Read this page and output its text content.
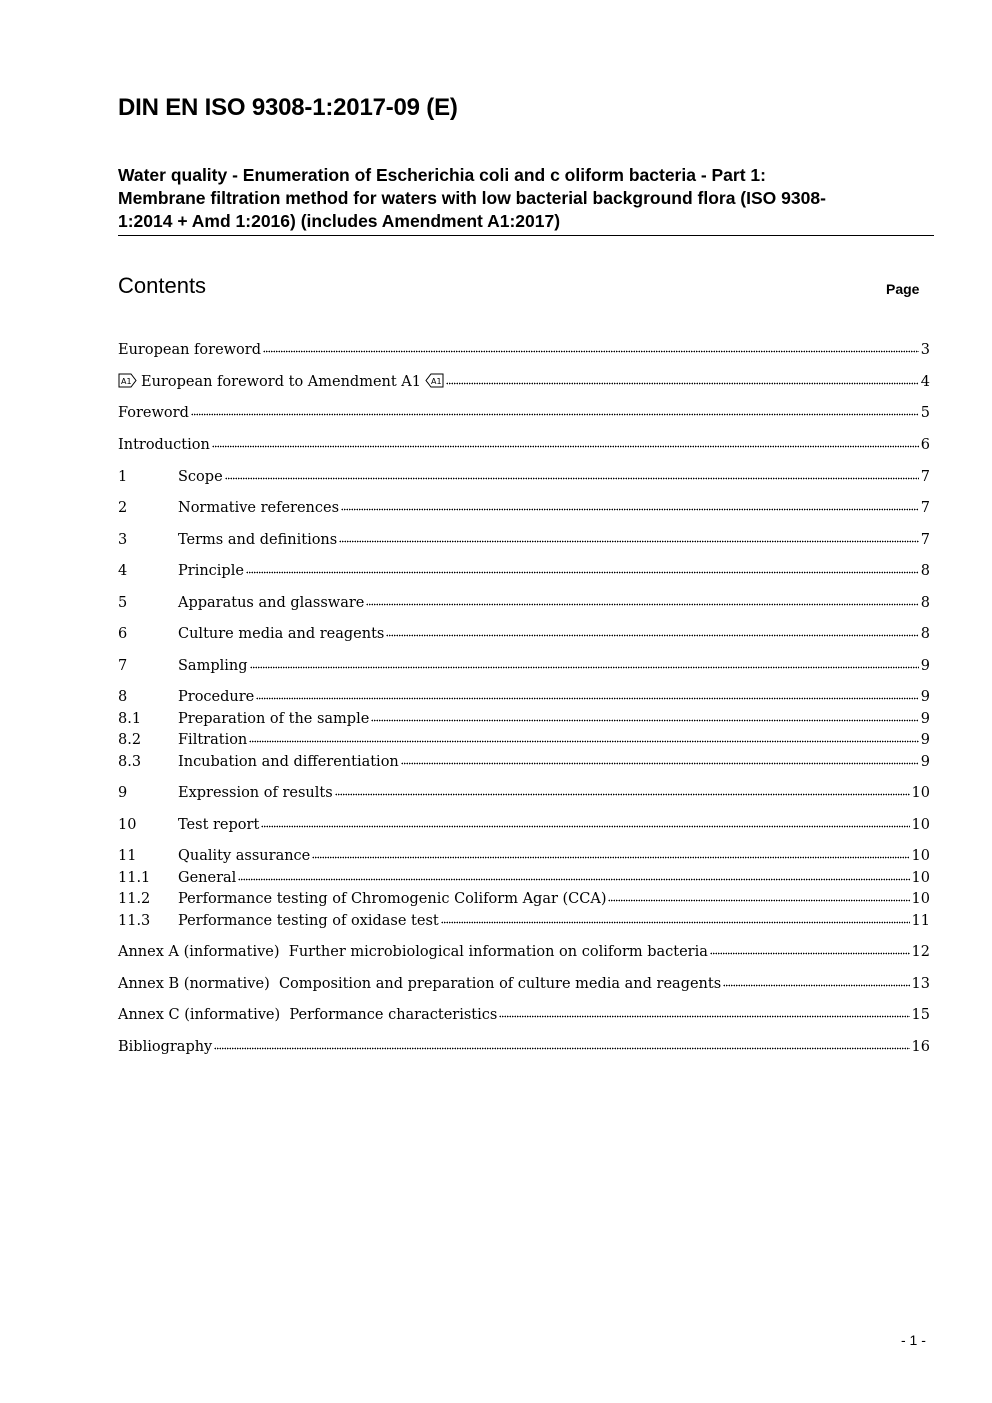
DIN EN ISO 9308-1:2017-09 (E)
Water quality - Enumeration of Escherichia coli and c oliform bacteria - Part 1:
Membrane filtration method for waters with low bacterial background flora (ISO 9308-
1:2014 + Amd 1:2016) (includes Amendment A1:2017)
Contents	Page
European foreword	3
A1 European foreword to Amendment A1 A1	4
Foreword	5
Introduction	6
1	Scope	7
2	Normative references	7
3	Terms and definitions	7
4	Principle	8
5	Apparatus and glassware	8
6	Culture media and reagents	8
7	Sampling	9
8	Procedure	9
8.1	Preparation of the sample	9
8.2	Filtration	9
8.3	Incubation and differentiation	9
9	Expression of results	10
10	Test report	10
11	Quality assurance	10
11.1	General	10
11.2	Performance testing of Chromogenic Coliform Agar (CCA)	10
11.3	Performance testing of oxidase test	11
Annex A (informative)  Further microbiological information on coliform bacteria	12
Annex B (normative)  Composition and preparation of culture media and reagents	13
Annex C (informative)  Performance characteristics	15
Bibliography	16
- 1 -
